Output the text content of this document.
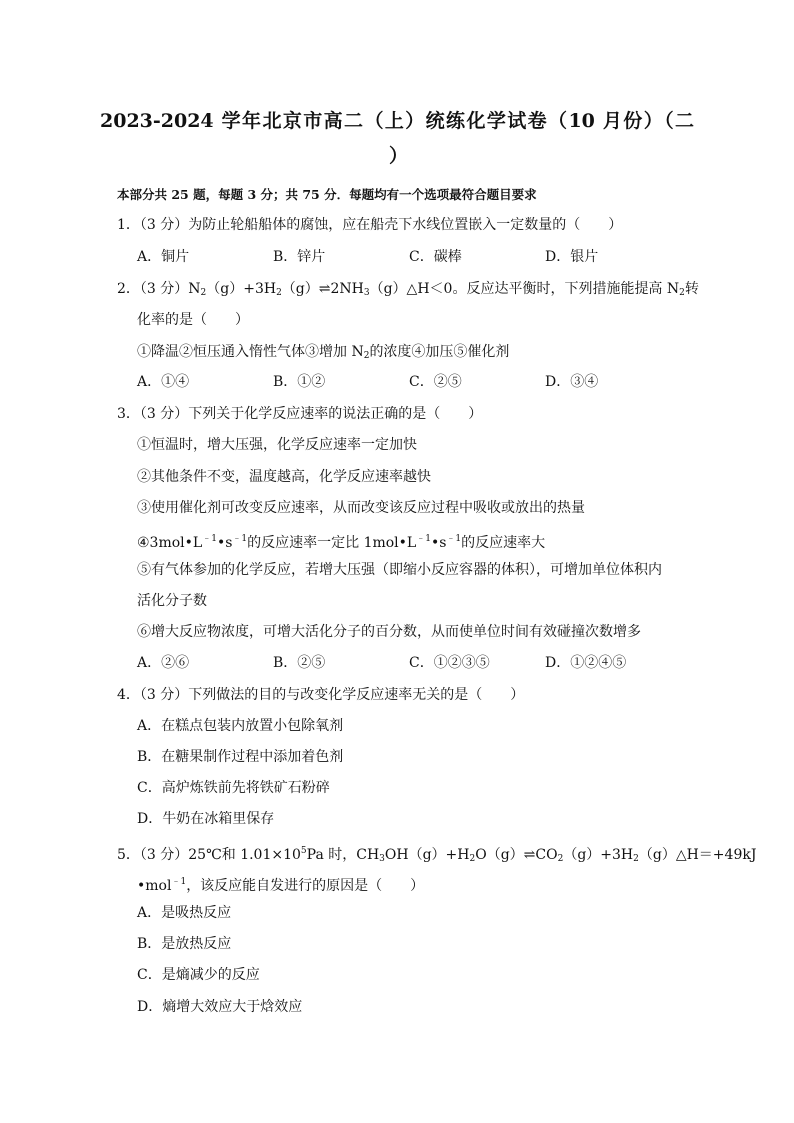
2023-2024 学年北京市高二（上）统练化学试卷（10 月份）（二
）
本部分共 25 题，每题 3 分；共 75 分．每题均有一个选项最符合题目要求
1．（3 分）为防止轮船船体的腐蚀，应在船壳下水线位置嵌入一定数量的（　　）
A．铜片	B．锌片	C．碳棒	D．银片
2．（3 分）$N_2(g)+3H_2(g)\rightleftharpoons 2NH_3(g)\triangle H<0$。反应达平衡时，下列措施能提高 $N_2$转
化率的是（　　）
①降温②恒压通入惰性气体③增加 $N_2$的浓度④加压⑤催化剂
A．①④	B．①②	C．②⑤	D．③④
3．（3 分）下列关于化学反应速率的说法正确的是（　　）
①恒温时，增大压强，化学反应速率一定加快
②其他条件不变，温度越高，化学反应速率越快
③使用催化剂可改变反应速率，从而改变该反应过程中吸收或放出的热量
$④3mol•L^{﹣1}•s^{﹣1}$的反应速率一定比 $1mol•L^{﹣1}•s^{﹣1}$的反应速率大
⑤有气体参加的化学反应，若增大压强（即缩小反应容器的体积），可增加单位体积内
活化分子数
⑥增大反应物浓度，可增大活化分子的百分数，从而使单位时间有效碰撞次数增多
A．②⑥	B．②⑤	C．①②③⑤	D．①②④⑤
4．（3 分）下列做法的目的与改变化学反应速率无关的是（　　）
A．在糕点包装内放置小包除氧剂
B．在糖果制作过程中添加着色剂
C．高炉炼铁前先将铁矿石粉碎
D．牛奶在冰箱里保存
5．（3 分）25℃和 $1.01\times 10^5Pa$ 时，$CH_3OH(g)+H_2O(g)\rightleftharpoons CO_2(g)+3H_2(g)\triangle H=+49kJ$
•mol$^{﹣1}$，该反应能自发进行的原因是（　　）
A．是吸热反应
B．是放热反应
C．是熵减少的反应
D．熵增大效应大于焓效应
